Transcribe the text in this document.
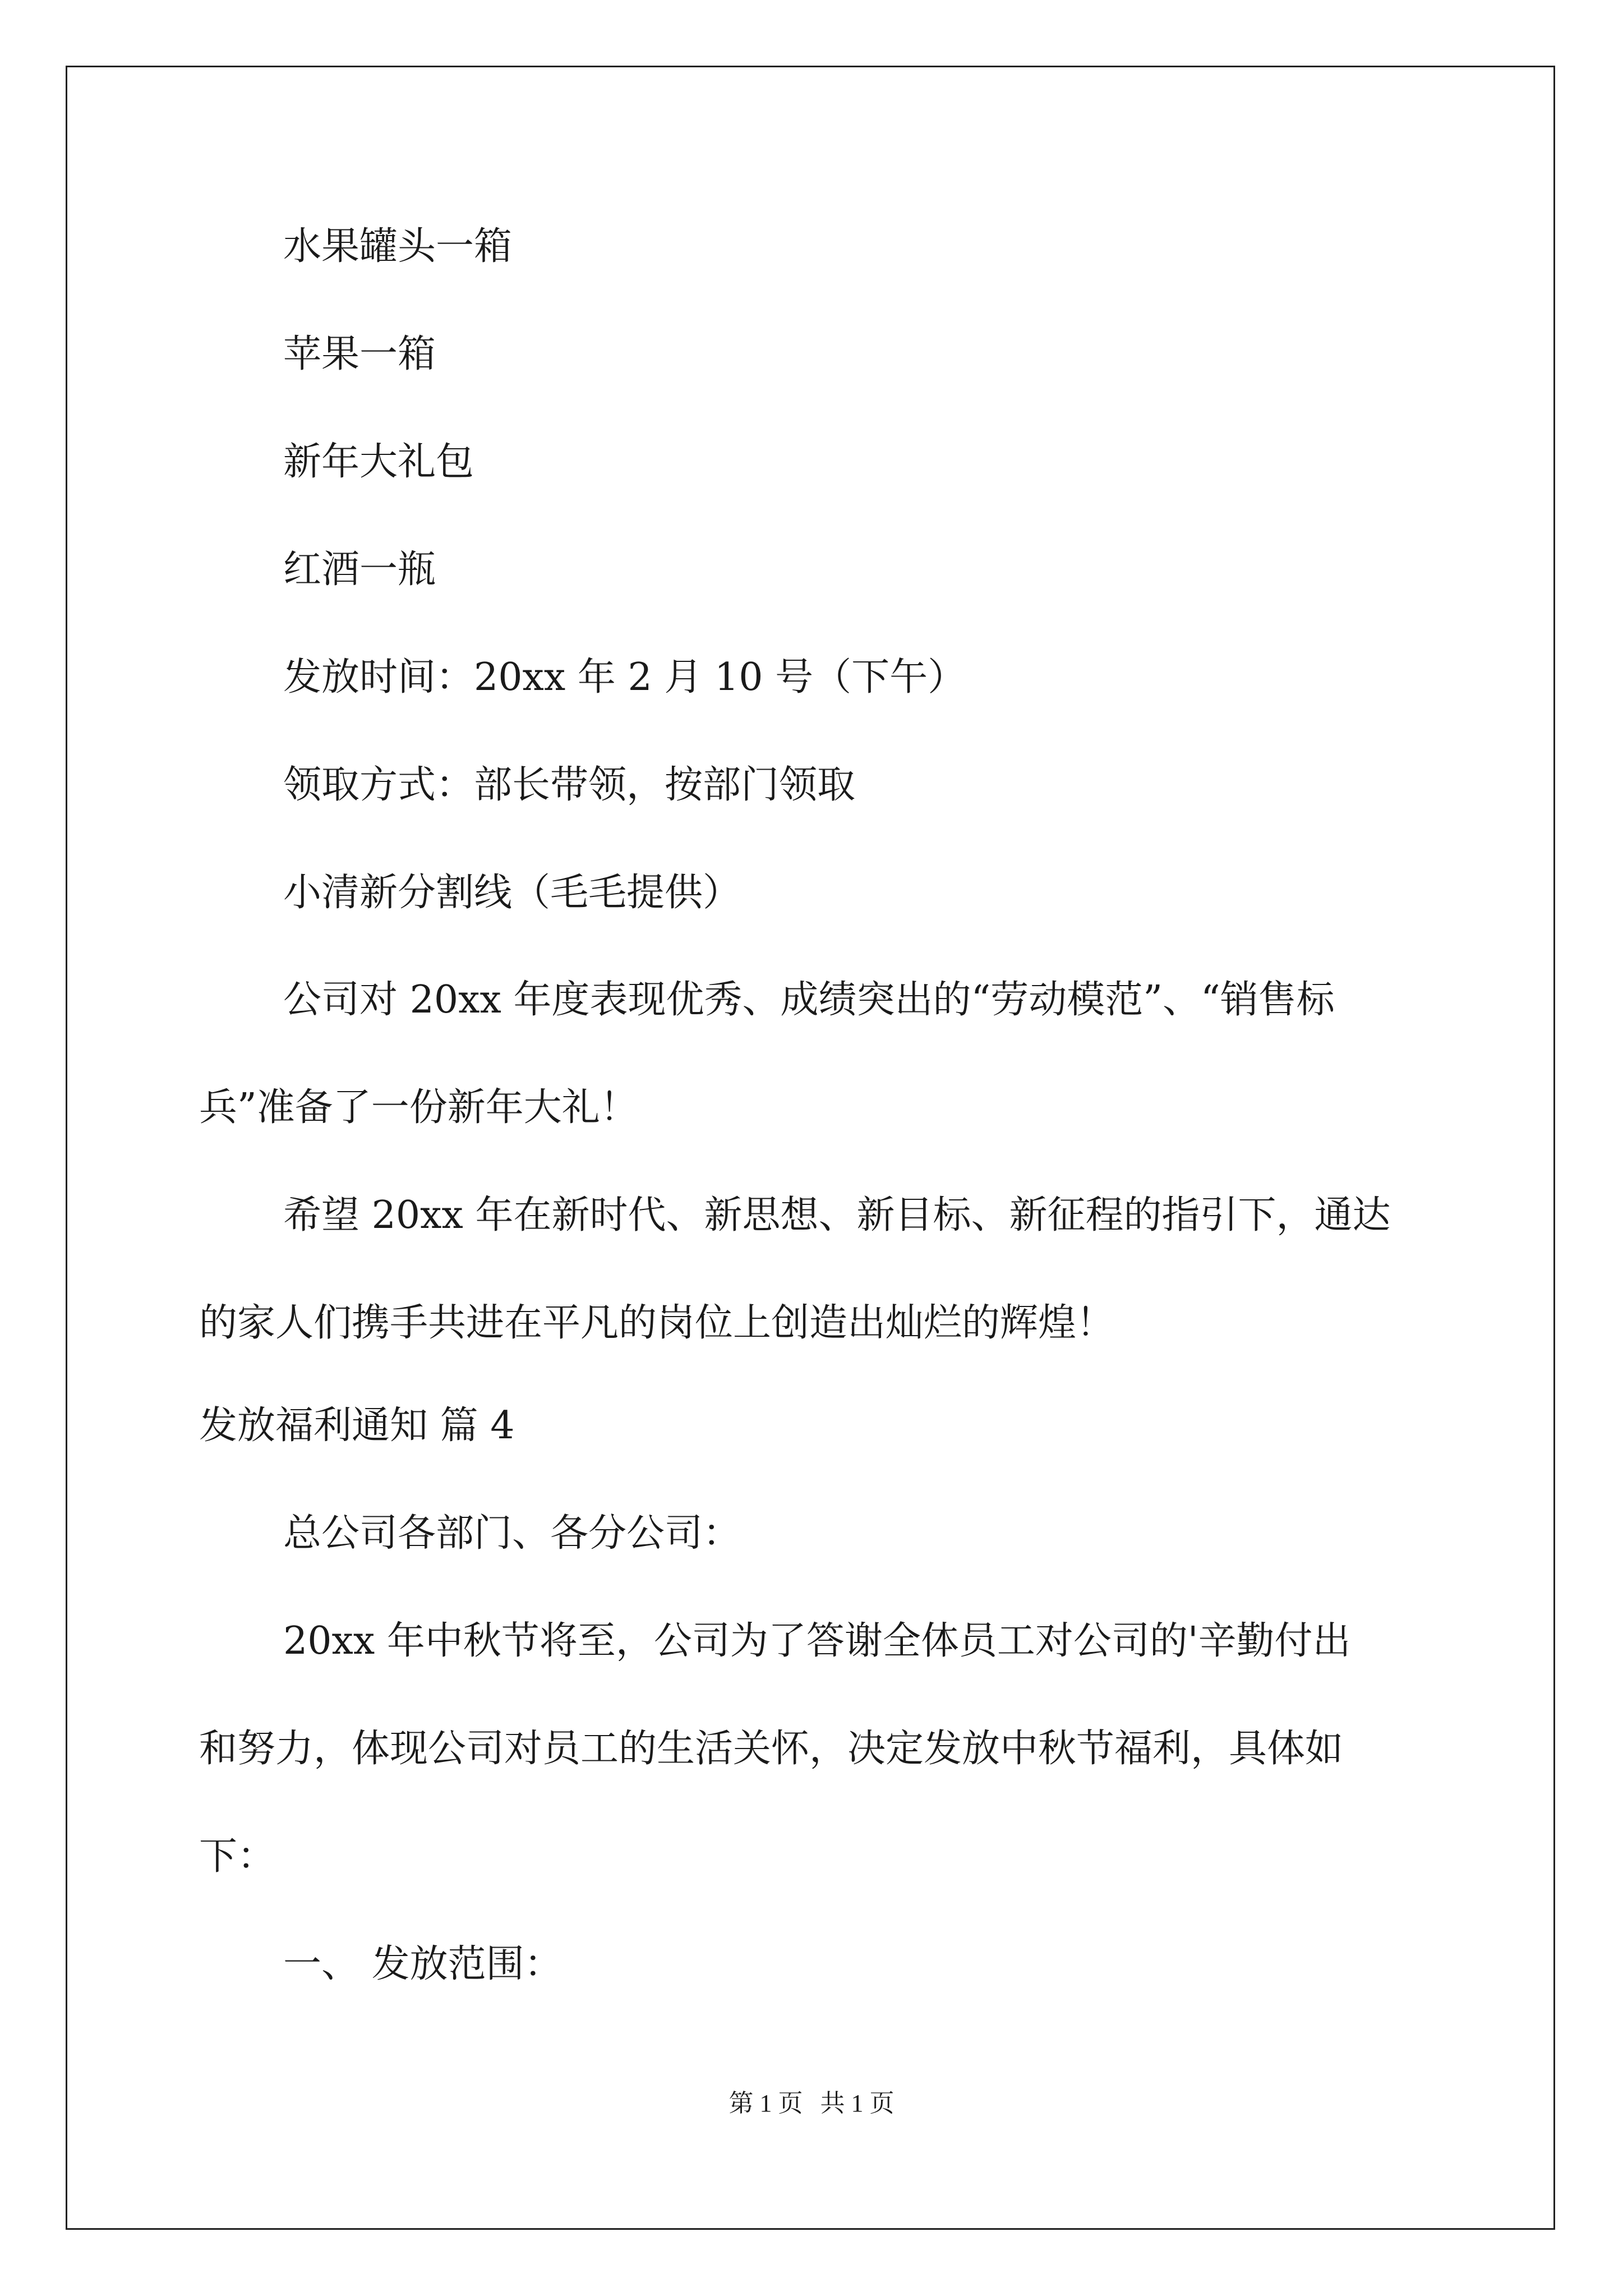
水果罐头一箱
苹果一箱
新年大礼包
红酒一瓶
发放时间：20xx 年 2 月 10 号（下午）
领取方式：部长带领，按部门领取
小清新分割线（毛毛提供）
公司对 20xx 年度表现优秀、成绩突出的“劳动模范”、“销售标
兵”准备了一份新年大礼！
希望 20xx 年在新时代、新思想、新目标、新征程的指引下，通达
的家人们携手共进在平凡的岗位上创造出灿烂的辉煌！
发放福利通知 篇 4
总公司各部门、各分公司：
20xx 年中秋节将至，公司为了答谢全体员工对公司的'辛勤付出
和努力，体现公司对员工的生活关怀，决定发放中秋节福利，具体如
下：
一、 发放范围：
第 1 页 共 1 页
